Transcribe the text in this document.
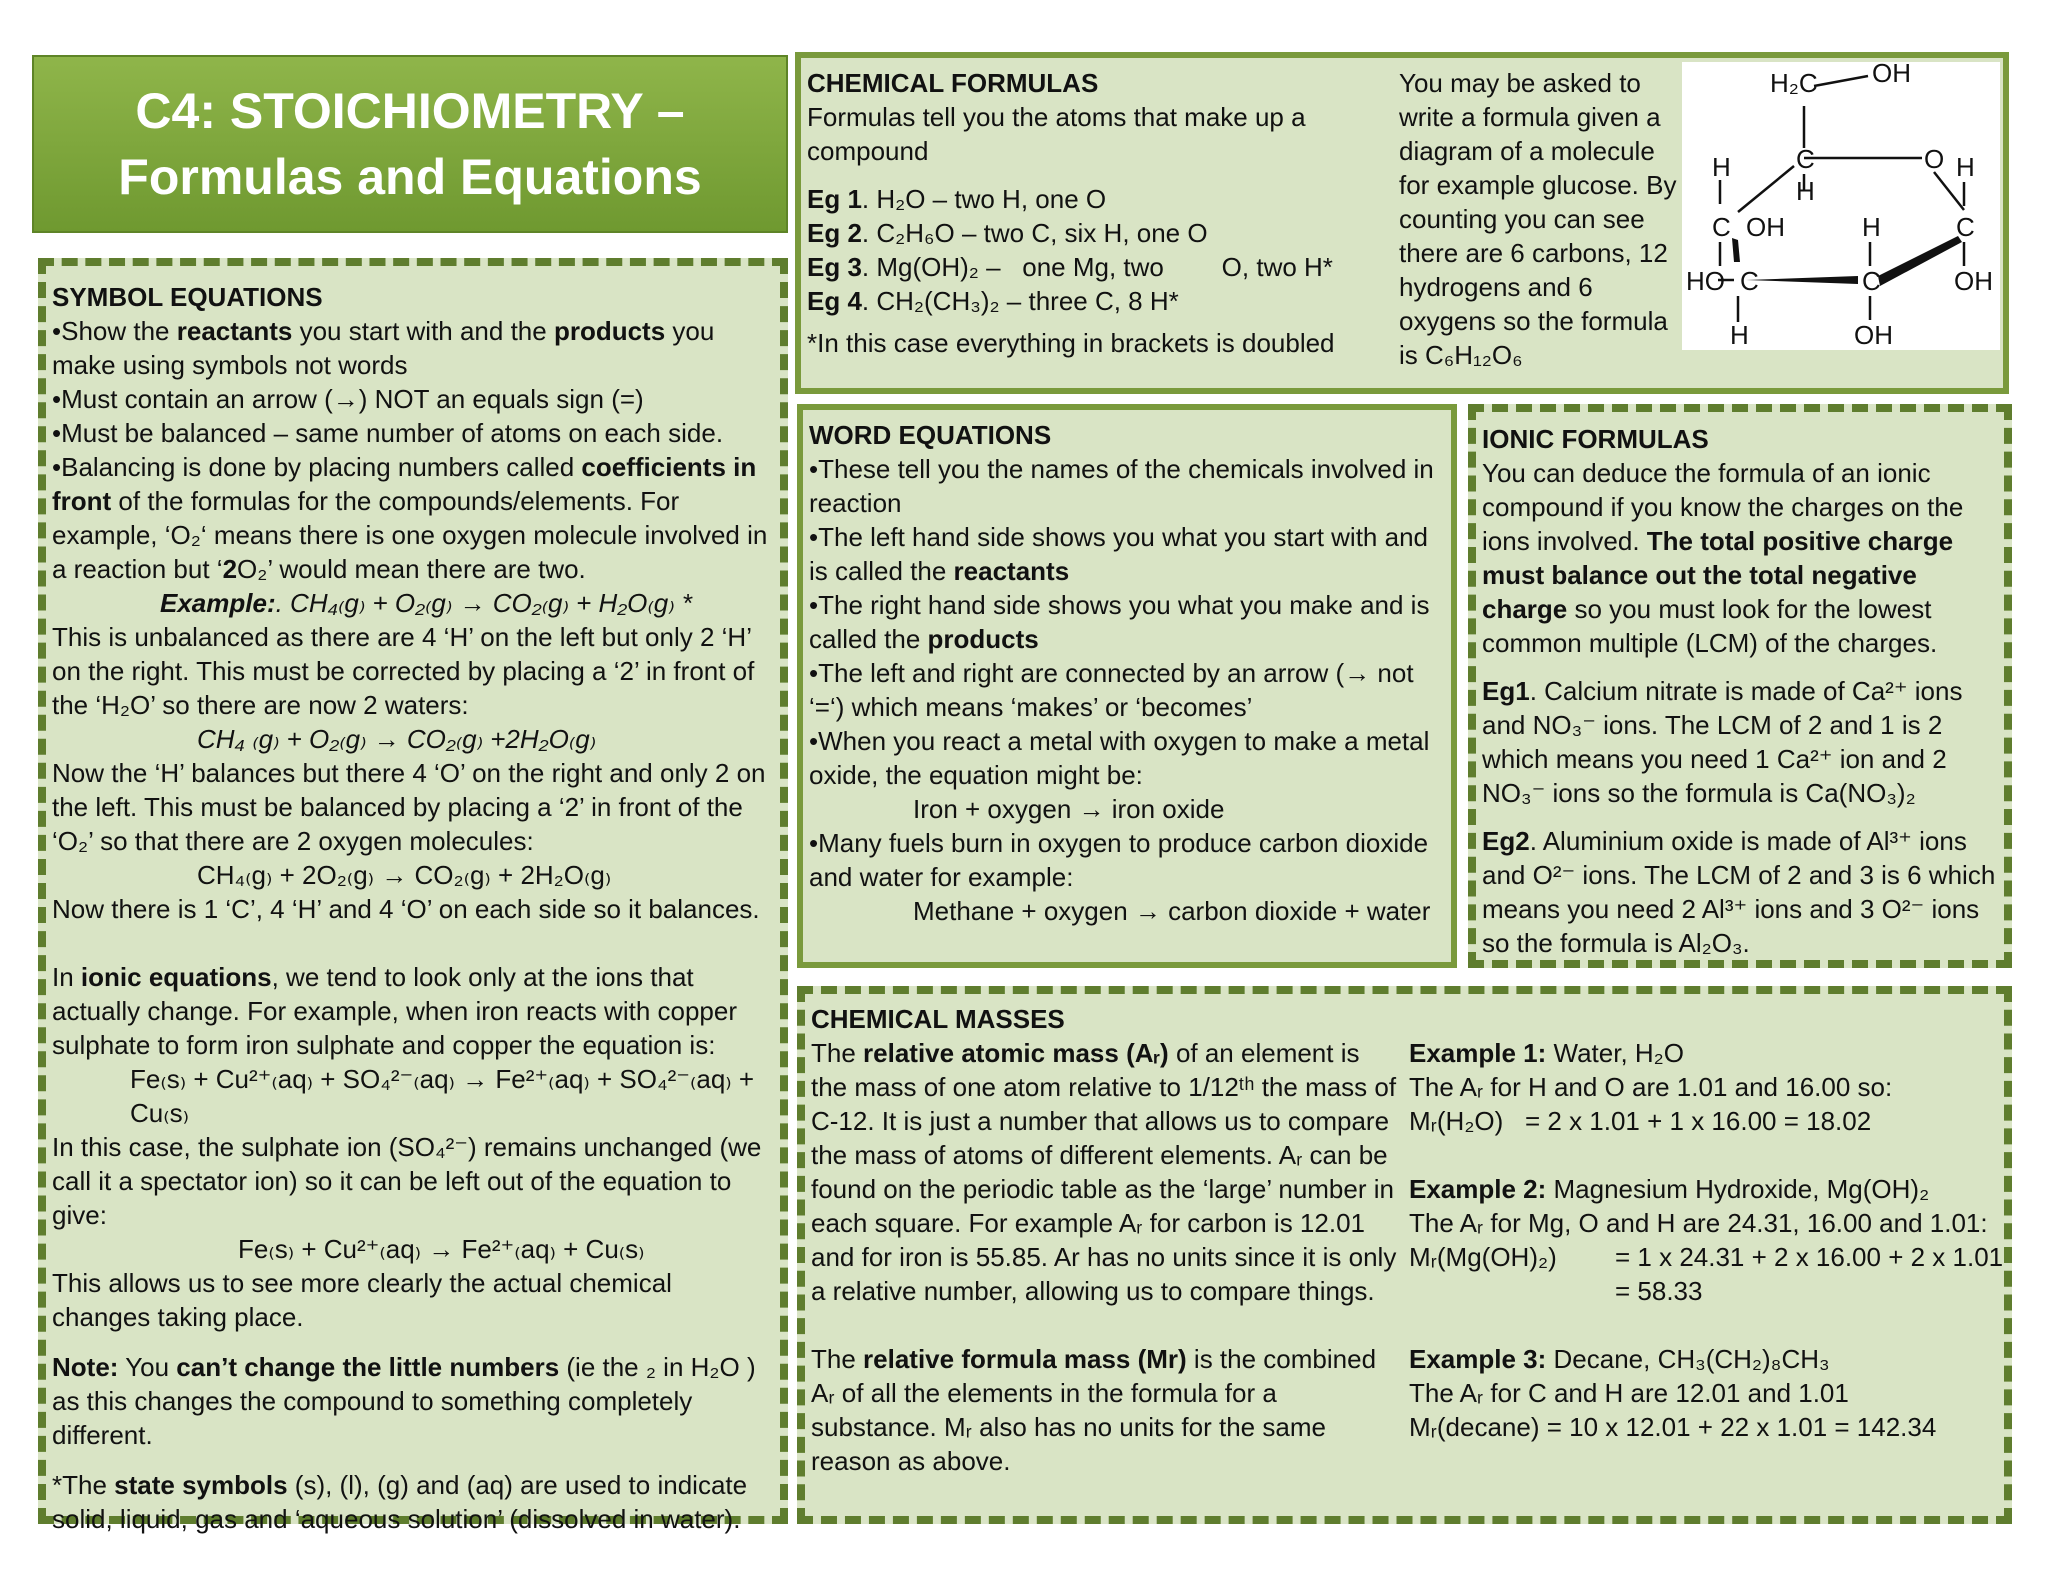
C4: STOICHIOMETRY –
Formulas and Equations

SYMBOL EQUATIONS

•Show the reactants you start with and the products you make using symbols not words

•Must contain an arrow (→) NOT an equals sign (=)

•Must be balanced – same number of atoms on each side.

•Balancing is done by placing numbers called coefficients in front of the formulas for the compounds/elements. For example, ‘O₂‘ means there is one oxygen molecule involved in a reaction but ‘2O₂’ would mean there are two.

Example:. CH₄₍g₎ + O₂₍g₎ → CO₂₍g₎ + H₂O₍g₎ *

This is unbalanced as there are 4 ‘H’ on the left but only 2 ‘H’ on the right. This must be corrected by placing a ‘2’ in front of the ‘H₂O’ so there are now 2 waters:

CH₄ ₍g₎ + O₂₍g₎ → CO₂₍g₎ +2H₂O₍g₎

Now the ‘H’ balances but there 4 ‘O’ on the right and only 2 on the left. This must be balanced by placing a ‘2’ in front of the ‘O₂’ so that there are 2 oxygen molecules:

CH₄₍g₎ + 2O₂₍g₎ → CO₂₍g₎ + 2H₂O₍g₎

Now there is 1 ‘C’, 4 ‘H’ and 4 ‘O’ on each side so it balances.

In ionic equations, we tend to look only at the ions that actually change. For example, when iron reacts with copper sulphate to form iron sulphate and copper the equation is:

Fe₍s₎ + Cu²⁺₍aq₎ + SO₄²⁻₍aq₎ → Fe²⁺₍aq₎ + SO₄²⁻₍aq₎ + Cu₍s₎

In this case, the sulphate ion (SO₄²⁻) remains unchanged (we call it a spectator ion) so it can be left out of the equation to give:

Fe₍s₎ + Cu²⁺₍aq₎ → Fe²⁺₍aq₎ + Cu₍s₎

This allows us to see more clearly the actual chemical changes taking place.

Note: You can’t change the little numbers (ie the ₂ in H₂O ) as this changes the compound to something completely different.

*The state symbols (s), (l), (g) and (aq) are used to indicate solid, liquid, gas and ‘aqueous solution’ (dissolved in water).

CHEMICAL FORMULAS

Formulas tell you the atoms that make up a compound

Eg 1. H₂O – two H, one O

Eg 2. C₂H₆O – two C, six H, one O

Eg 3. Mg(OH)₂ –   one Mg, two        O, two H*

Eg 4. CH₂(CH₃)₂ – three C, 8 H*

*In this case everything in brackets is doubled

You may be asked to write a formula given a diagram of a molecule for example glucose. By counting you can see there are 6 carbons, 12 hydrogens and 6 oxygens so the formula is C₆H₁₂O₆
H₂C OH
C
H
O
H	H
C	C
OH	H
HO	OH
C	C
H	OH

WORD EQUATIONS

•These tell you the names of the chemicals involved in reaction

•The left hand side shows you what you start with and is called the reactants

•The right hand side shows you what you make and is called the products

•The left and right are connected by an arrow (→ not ‘=‘) which means ‘makes’ or ‘becomes’

•When you react a metal with oxygen to make a metal oxide, the equation might be:

Iron + oxygen → iron oxide

•Many fuels burn in oxygen to produce carbon dioxide and water for example:

Methane + oxygen → carbon dioxide + water

IONIC FORMULAS

You can deduce the formula of an ionic compound if you know the charges on the ions involved. The total positive charge must balance out the total negative charge so you must look for the lowest common multiple (LCM) of the charges.

Eg1. Calcium nitrate is made of Ca²⁺ ions and NO₃⁻ ions. The LCM of 2 and 1 is 2 which means you need 1 Ca²⁺ ion and 2 NO₃⁻ ions so the formula is Ca(NO₃)₂

Eg2. Aluminium oxide is made of Al³⁺ ions and O²⁻ ions. The LCM of 2 and 3 is 6 which means you need 2 Al³⁺ ions and 3 O²⁻ ions so the formula is Al₂O₃.

CHEMICAL MASSES

The relative atomic mass (Aᵣ) of an element is the mass of one atom relative to 1/12ᵗʰ the mass of C-12. It is just a number that allows us to compare the mass of atoms of different elements. Aᵣ can be found on the periodic table as the ‘large’ number in each square. For example Aᵣ for carbon is 12.01 and for iron is 55.85. Ar has no units since it is only a relative number, allowing us to compare things.

The relative formula mass (Mr) is the combined Aᵣ of all the elements in the formula for a substance. Mᵣ also has no units for the same reason as above.

Example 1: Water, H₂O

The Aᵣ for H and O are 1.01 and 16.00 so:

Mᵣ(H₂O)   = 2 x 1.01 + 1 x 16.00 = 18.02

Example 2: Magnesium Hydroxide, Mg(OH)₂

The Aᵣ for Mg, O and H are 24.31, 16.00 and 1.01:

Mᵣ(Mg(OH)₂) = 1 x 24.31 + 2 x 16.00 + 2 x 1.01

= 58.33

Example 3: Decane, CH₃(CH₂)₈CH₃

The Aᵣ for C and H are 12.01 and 1.01

Mᵣ(decane) = 10 x 12.01 + 22 x 1.01 = 142.34
